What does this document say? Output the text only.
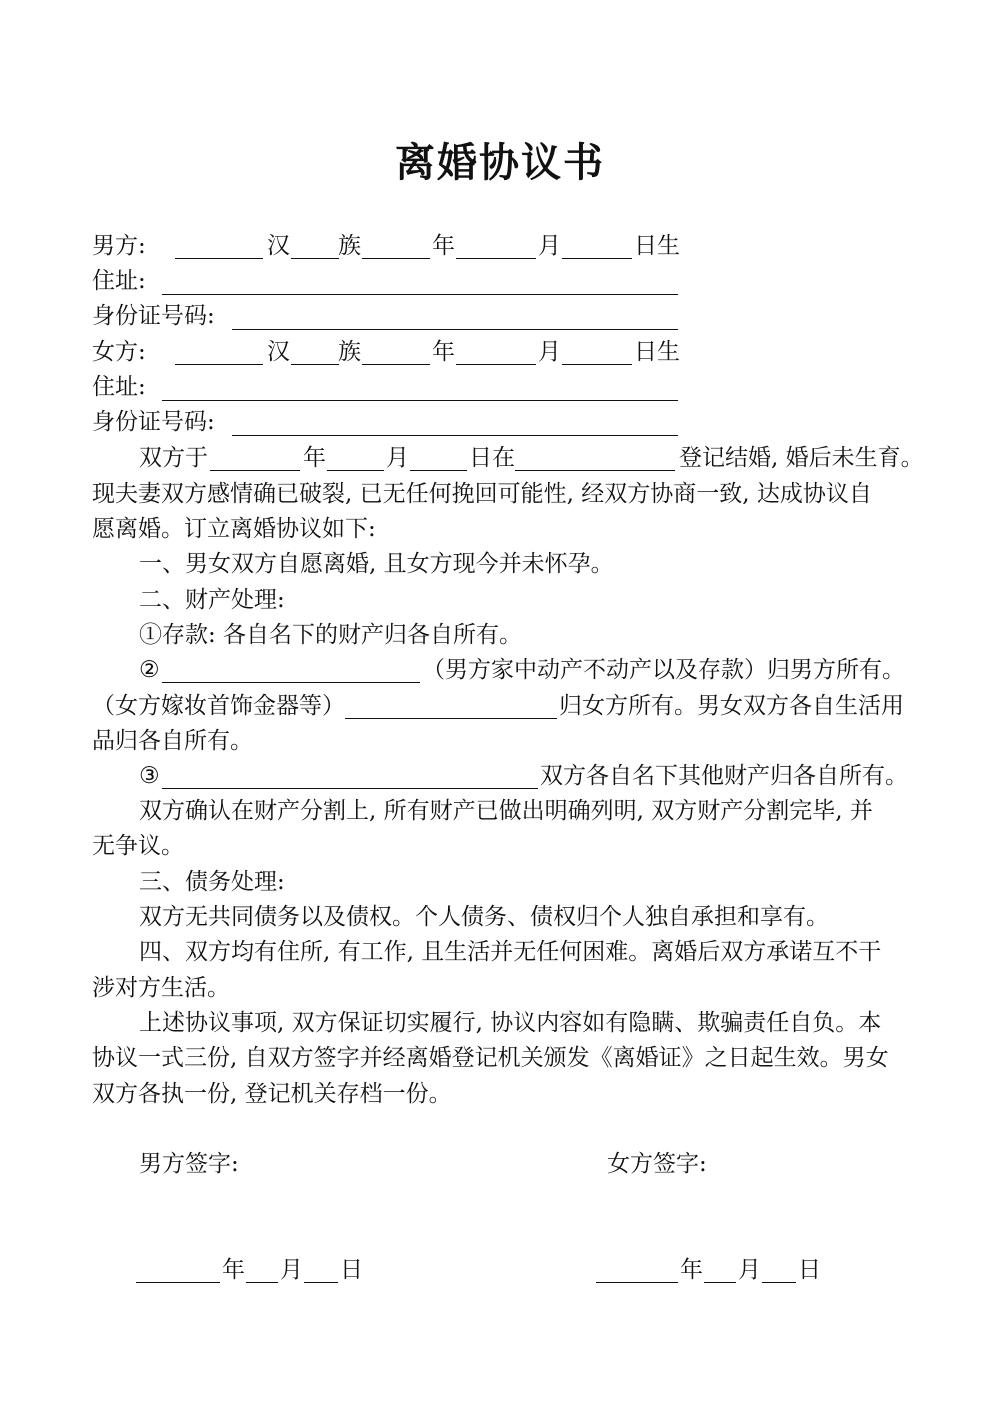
离婚协议书
男方:	汉 族	年	月	日生
住址:
身份证号码:
女方:	汉 族	年	月	日生
住址:
身份证号码:
双方于	年	月	日在	登记结婚, 婚后未生育。
现夫妻双方感情确已破裂, 已无任何挽回可能性, 经双方协商一致, 达成协议自
愿离婚。订立离婚协议如下:
一、男女双方自愿离婚, 且女方现今并未怀孕。
二、财产处理:
①存款: 各自名下的财产归各自所有。
②	（男方家中动产不动产以及存款）归男方所有。
（女方嫁妆首饰金器等）	归女方所有。男女双方各自生活用
品归各自所有。
③	双方各自名下其他财产归各自所有。
双方确认在财产分割上, 所有财产已做出明确列明, 双方财产分割完毕, 并
无争议。
三、债务处理:
双方无共同债务以及债权。个人债务、债权归个人独自承担和享有。
四、双方均有住所, 有工作, 且生活并无任何困难。离婚后双方承诺互不干
涉对方生活。
上述协议事项, 双方保证切实履行, 协议内容如有隐瞒、欺骗责任自负。本
协议一式三份, 自双方签字并经离婚登记机关颁发《离婚证》之日起生效。男女
双方各执一份, 登记机关存档一份。
男方签字:	女方签字:
年 月 日	年 月 日
